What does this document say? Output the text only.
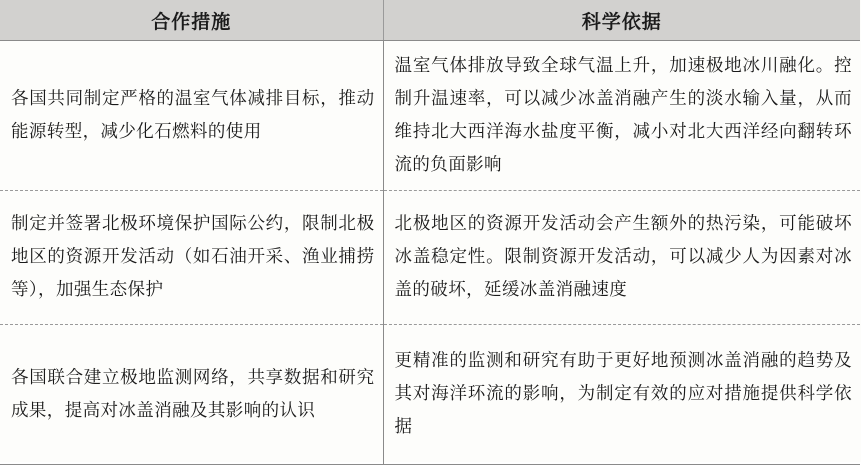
合作措施	科学依据
各国共同制定严格的温室气体减排目标，推动能源转型，减少化石燃料的使用	温室气体排放导致全球气温上升，加速极地冰川融化。控制升温速率，可以减少冰盖消融产生的淡水输入量，从而维持北大西洋海水盐度平衡，减小对北大西洋经向翻转环流的负面影响
制定并签署北极环境保护国际公约，限制北极地区的资源开发活动（如石油开采、渔业捕捞等），加强生态保护	北极地区的资源开发活动会产生额外的热污染，可能破坏冰盖稳定性。限制资源开发活动，可以减少人为因素对冰盖的破坏，延缓冰盖消融速度
各国联合建立极地监测网络，共享数据和研究成果，提高对冰盖消融及其影响的认识	更精准的监测和研究有助于更好地预测冰盖消融的趋势及其对海洋环流的影响，为制定有效的应对措施提供科学依据
